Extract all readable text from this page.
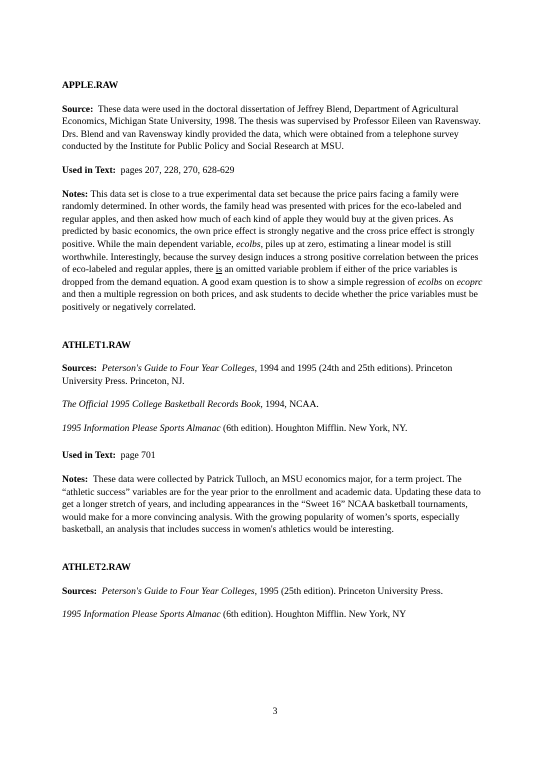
APPLE.RAW

Source: These data were used in the doctoral dissertation of Jeffrey Blend, Department of Agricultural Economics, Michigan State University, 1998. The thesis was supervised by Professor Eileen van Ravensway. Drs. Blend and van Ravensway kindly provided the data, which were obtained from a telephone survey conducted by the Institute for Public Policy and Social Research at MSU.

Used in Text: pages 207, 228, 270, 628-629

Notes: This data set is close to a true experimental data set because the price pairs facing a family were randomly determined. In other words, the family head was presented with prices for the eco-labeled and regular apples, and then asked how much of each kind of apple they would buy at the given prices. As predicted by basic economics, the own price effect is strongly negative and the cross price effect is strongly positive. While the main dependent variable, ecolbs, piles up at zero, estimating a linear model is still worthwhile. Interestingly, because the survey design induces a strong positive correlation between the prices of eco-labeled and regular apples, there is an omitted variable problem if either of the price variables is dropped from the demand equation. A good exam question is to show a simple regression of ecolbs on ecoprc and then a multiple regression on both prices, and ask students to decide whether the price variables must be positively or negatively correlated.

ATHLET1.RAW

Sources: Peterson's Guide to Four Year Colleges, 1994 and 1995 (24th and 25th editions). Princeton University Press. Princeton, NJ.

The Official 1995 College Basketball Records Book, 1994, NCAA.

1995 Information Please Sports Almanac (6th edition). Houghton Mifflin. New York, NY.

Used in Text: page 701

Notes: These data were collected by Patrick Tulloch, an MSU economics major, for a term project. The “athletic success” variables are for the year prior to the enrollment and academic data. Updating these data to get a longer stretch of years, and including appearances in the “Sweet 16” NCAA basketball tournaments, would make for a more convincing analysis. With the growing popularity of women’s sports, especially basketball, an analysis that includes success in women's athletics would be interesting.

ATHLET2.RAW

Sources: Peterson's Guide to Four Year Colleges, 1995 (25th edition). Princeton University Press.

1995 Information Please Sports Almanac (6th edition). Houghton Mifflin. New York, NY

3
